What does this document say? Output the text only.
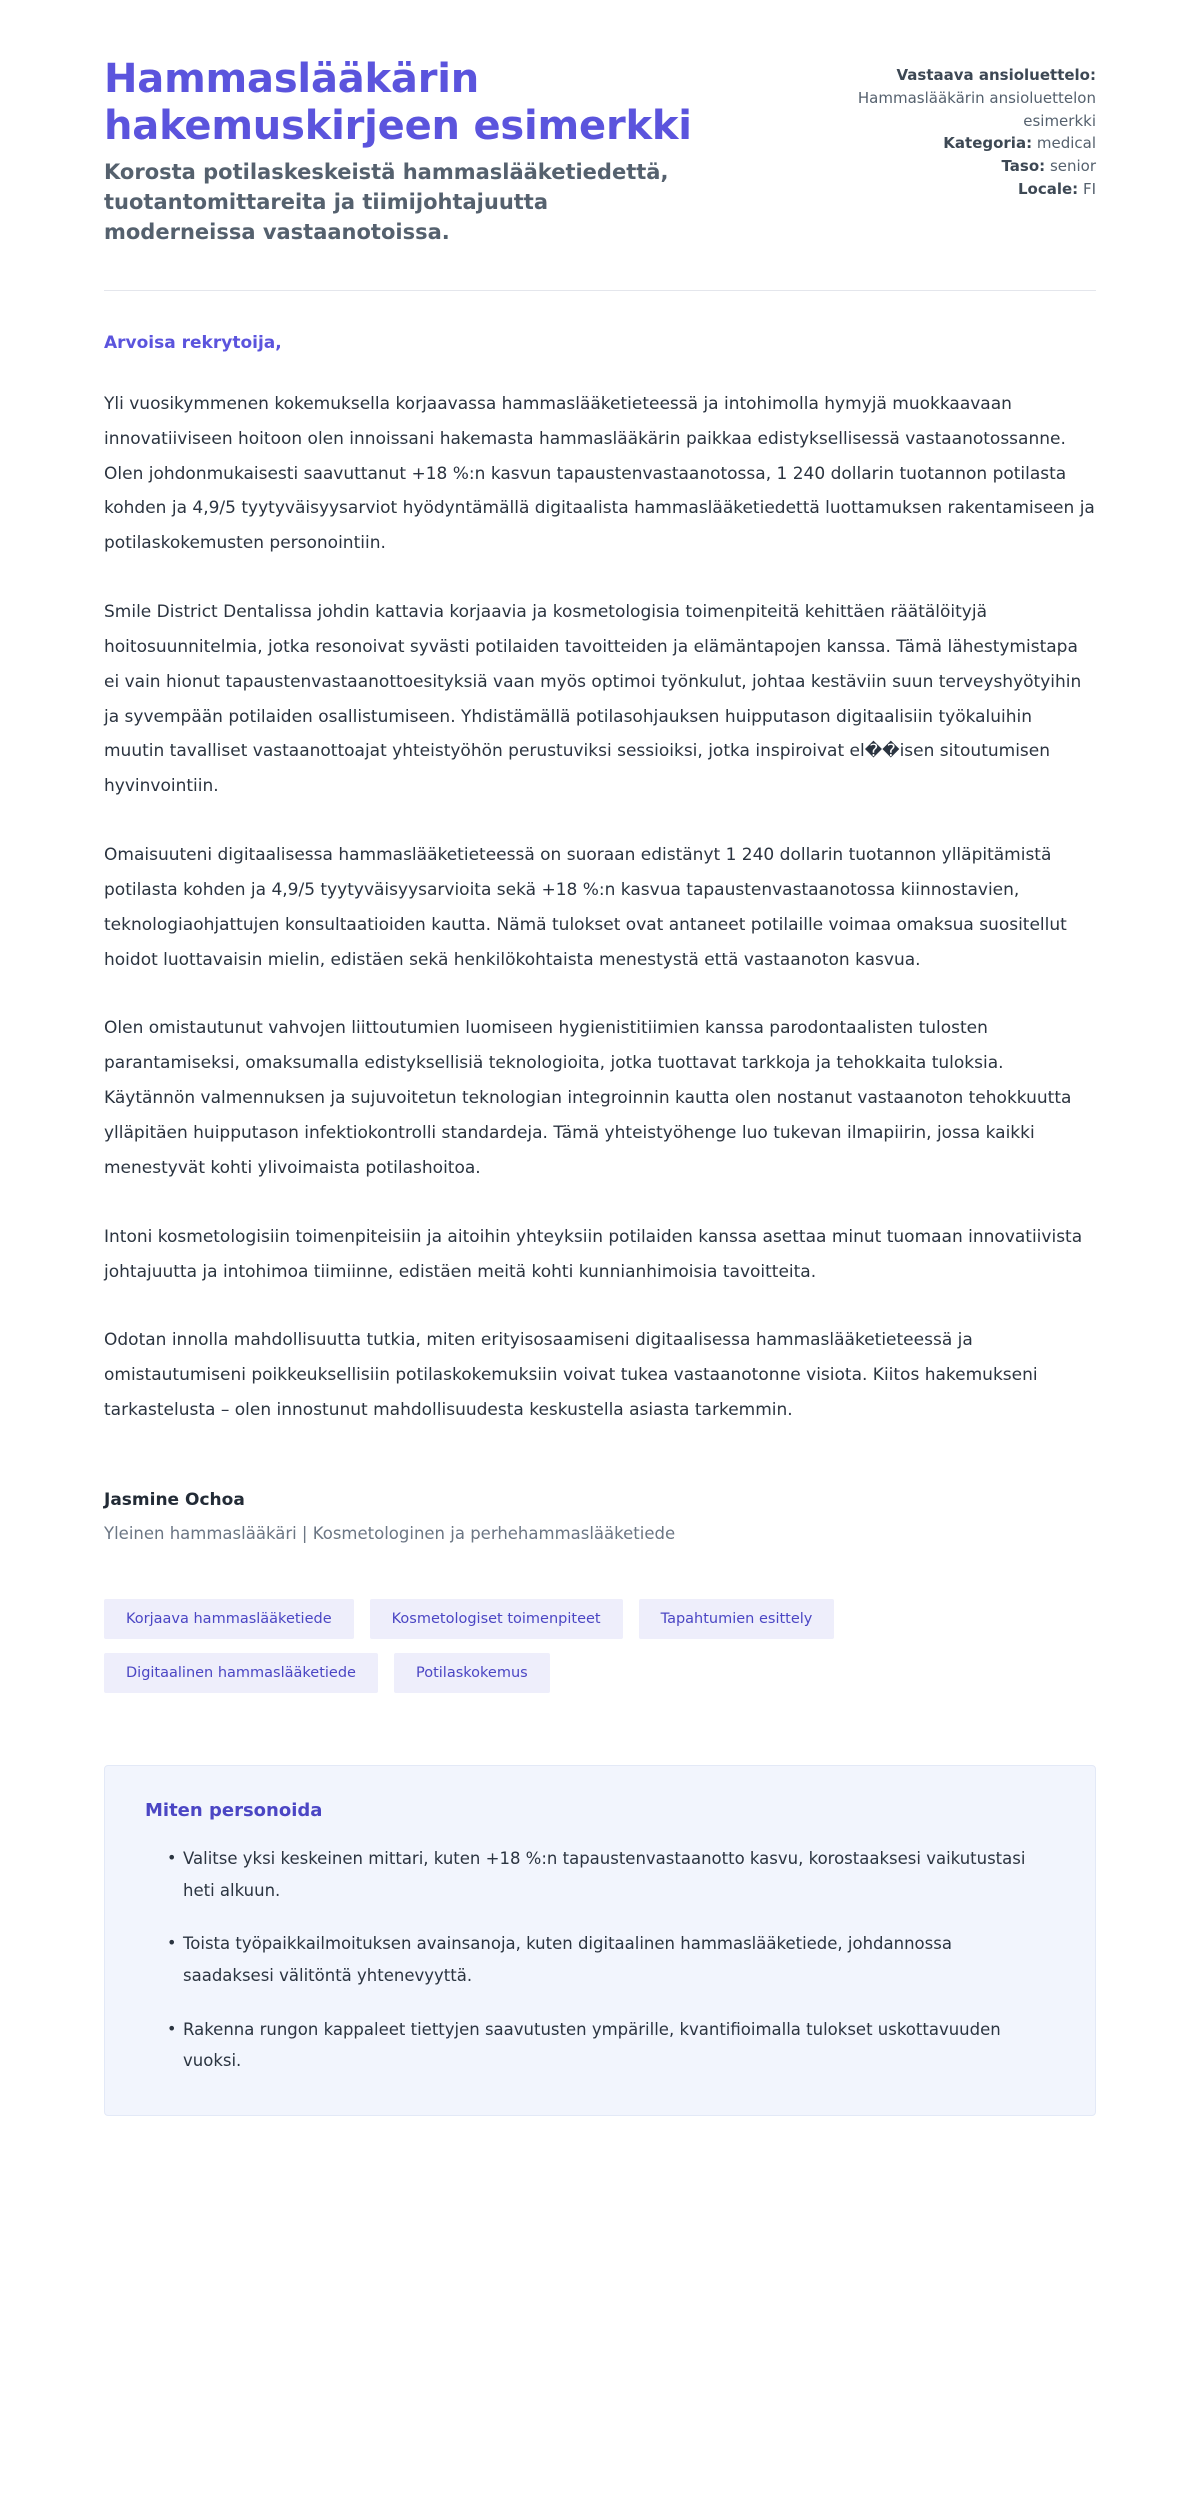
Hammaslääkärin hakemuskirjeen esimerkki

Korosta potilaskeskeistä hammaslääketiedettä, tuotantomittareita ja tiimijohtajuutta moderneissa vastaanotoissa.

Vastaava ansioluettelo:
Hammaslääkärin ansioluettelon esimerkki
Kategoria: medical
Taso: senior
Locale: FI

Arvoisa rekrytoija,

Yli vuosikymmenen kokemuksella korjaavassa hammaslääketieteessä ja intohimolla hymyjä muokkaavaan innovatiiviseen hoitoon olen innoissani hakemasta hammaslääkärin paikkaa edistyksellisessä vastaanotossanne. Olen johdonmukaisesti saavuttanut +18 %:n kasvun tapaustenvastaanotossa, 1 240 dollarin tuotannon potilasta kohden ja 4,9/5 tyytyväisyysarviot hyödyntämällä digitaalista hammaslääketiedettä luottamuksen rakentamiseen ja potilaskokemusten personointiin.

Smile District Dentalissa johdin kattavia korjaavia ja kosmetologisia toimenpiteitä kehittäen räätälöityjä hoitosuunnitelmia, jotka resonoivat syvästi potilaiden tavoitteiden ja elämäntapojen kanssa. Tämä lähestymistapa ei vain hionut tapaustenvastaanottoesityksiä vaan myös optimoi työnkulut, johtaa kestäviin suun terveyshyötyihin ja syvempään potilaiden osallistumiseen. Yhdistämällä potilasohjauksen huipputason digitaalisiin työkaluihin muutin tavalliset vastaanottoajat yhteistyöhön perustuviksi sessioiksi, jotka inspiroivat el��isen sitoutumisen hyvinvointiin.

Omaisuuteni digitaalisessa hammaslääketieteessä on suoraan edistänyt 1 240 dollarin tuotannon ylläpitämistä potilasta kohden ja 4,9/5 tyytyväisyysarvioita sekä +18 %:n kasvua tapaustenvastaanotossa kiinnostavien, teknologiaohjattujen konsultaatioiden kautta. Nämä tulokset ovat antaneet potilaille voimaa omaksua suositellut hoidot luottavaisin mielin, edistäen sekä henkilökohtaista menestystä että vastaanoton kasvua.

Olen omistautunut vahvojen liittoutumien luomiseen hygienistitiimien kanssa parodontaalisten tulosten parantamiseksi, omaksumalla edistyksellisiä teknologioita, jotka tuottavat tarkkoja ja tehokkaita tuloksia. Käytännön valmennuksen ja sujuvoitetun teknologian integroinnin kautta olen nostanut vastaanoton tehokkuutta ylläpitäen huipputason infektiokontrolli standardeja. Tämä yhteistyöhenge luo tukevan ilmapiirin, jossa kaikki menestyvät kohti ylivoimaista potilashoitoa.

Intoni kosmetologisiin toimenpiteisiin ja aitoihin yhteyksiin potilaiden kanssa asettaa minut tuomaan innovatiivista johtajuutta ja intohimoa tiimiinne, edistäen meitä kohti kunnianhimoisia tavoitteita.

Odotan innolla mahdollisuutta tutkia, miten erityisosaamiseni digitaalisessa hammaslääketieteessä ja omistautumiseni poikkeuksellisiin potilaskokemuksiin voivat tukea vastaanotonne visiota. Kiitos hakemukseni tarkastelusta – olen innostunut mahdollisuudesta keskustella asiasta tarkemmin.

Jasmine Ochoa

Yleinen hammaslääkäri | Kosmetologinen ja perhehammaslääketiede

Korjaava hammaslääketiede	Kosmetologiset toimenpiteet	Tapahtumien esittely
Digitaalinen hammaslääketiede	Potilaskokemus
Miten personoida
• Valitse yksi keskeinen mittari, kuten +18 %:n tapaustenvastaanotto kasvu, korostaaksesi vaikutustasi heti alkuun.
• Toista työpaikkailmoituksen avainsanoja, kuten digitaalinen hammaslääketiede, johdannossa saadaksesi välitöntä yhtenevyyttä.
• Rakenna rungon kappaleet tiettyjen saavutusten ympärille, kvantifioimalla tulokset uskottavuuden vuoksi.
